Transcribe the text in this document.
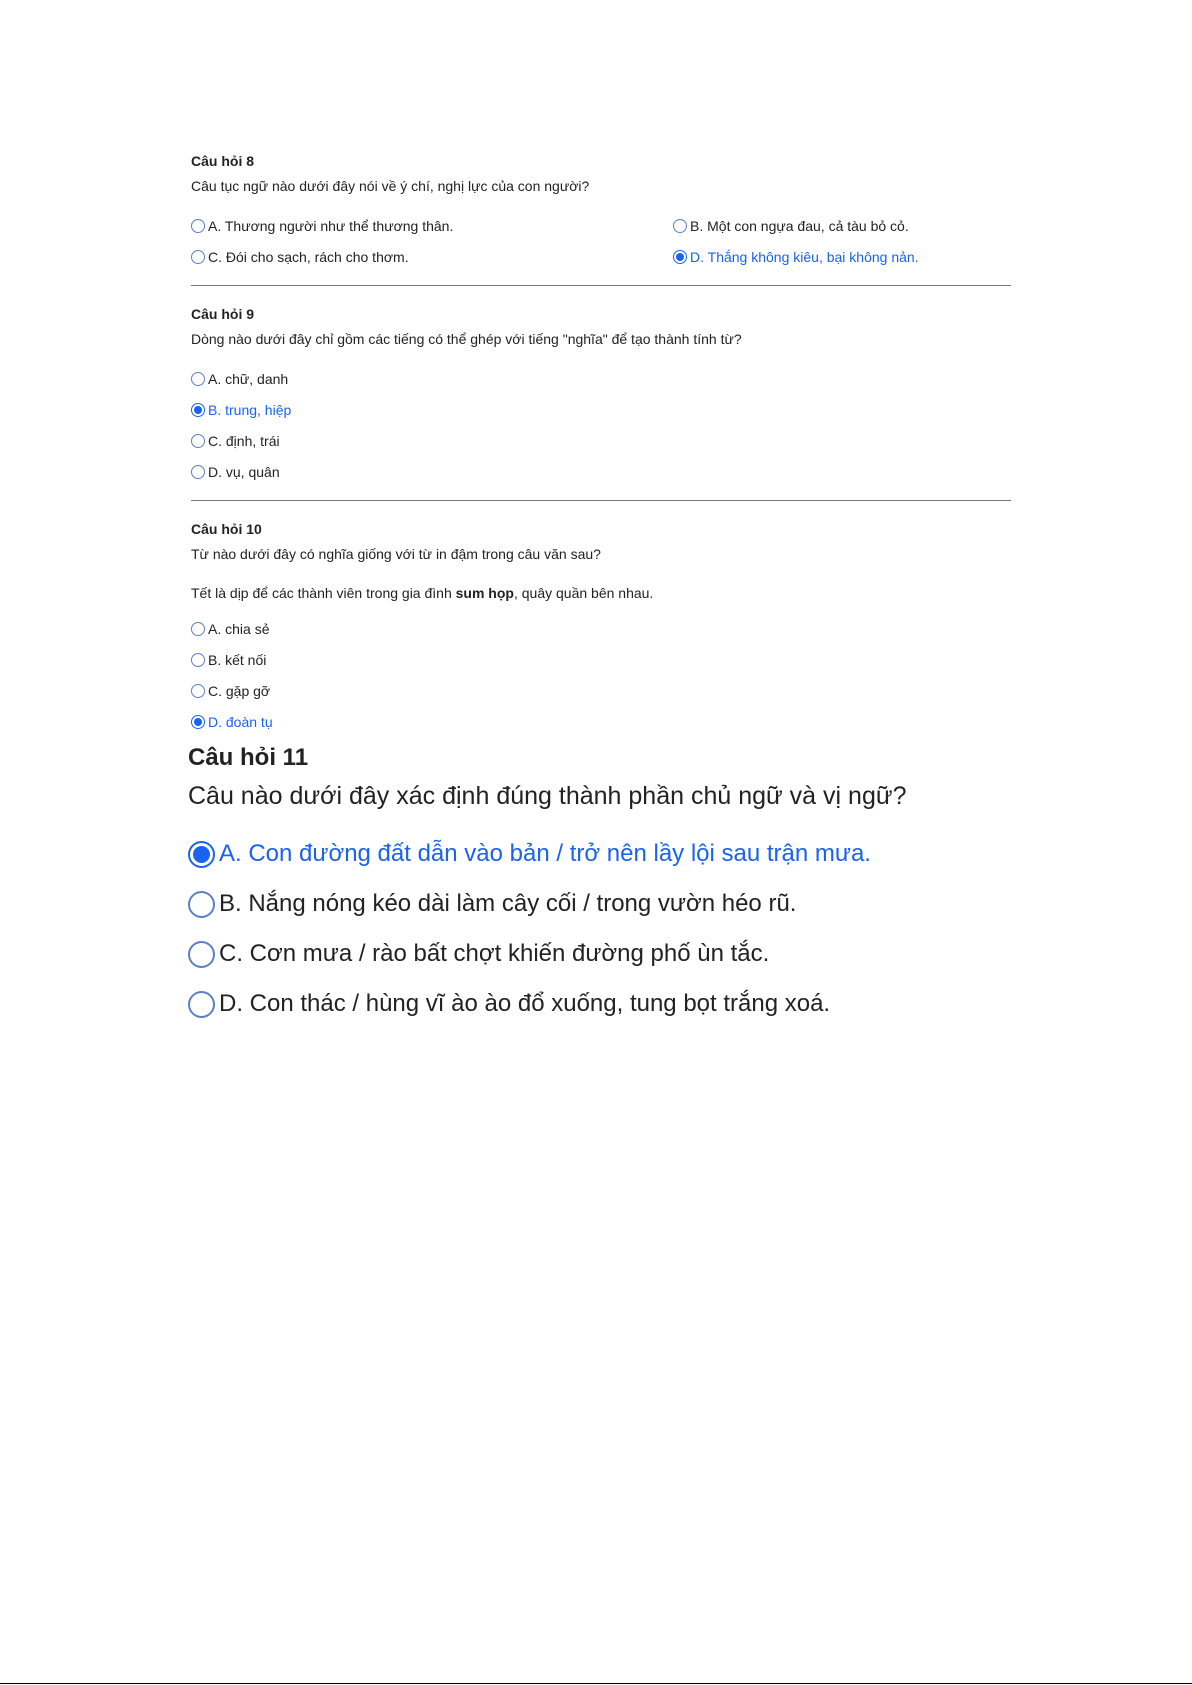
Câu hỏi 8
Câu tục ngữ nào dưới đây nói về ý chí, nghị lực của con người?
A. Thương người như thể thương thân.	B. Một con ngựa đau, cả tàu bỏ cỏ.
C. Đói cho sạch, rách cho thơm.	D. Thắng không kiêu, bại không nản.
Câu hỏi 9
Dòng nào dưới đây chỉ gồm các tiếng có thể ghép với tiếng "nghĩa" để tạo thành tính từ?
A. chữ, danh
B. trung, hiệp
C. định, trái
D. vụ, quân
Câu hỏi 10
Từ nào dưới đây có nghĩa giống với từ in đậm trong câu văn sau?
Tết là dịp để các thành viên trong gia đình sum họp, quây quần bên nhau.
A. chia sẻ
B. kết nối
C. gặp gỡ
D. đoàn tụ
Câu hỏi 11
Câu nào dưới đây xác định đúng thành phần chủ ngữ và vị ngữ?
A. Con đường đất dẫn vào bản / trở nên lầy lội sau trận mưa.
B. Nắng nóng kéo dài làm cây cối / trong vườn héo rũ.
C. Cơn mưa / rào bất chợt khiến đường phố ùn tắc.
D. Con thác / hùng vĩ ào ào đổ xuống, tung bọt trắng xoá.
